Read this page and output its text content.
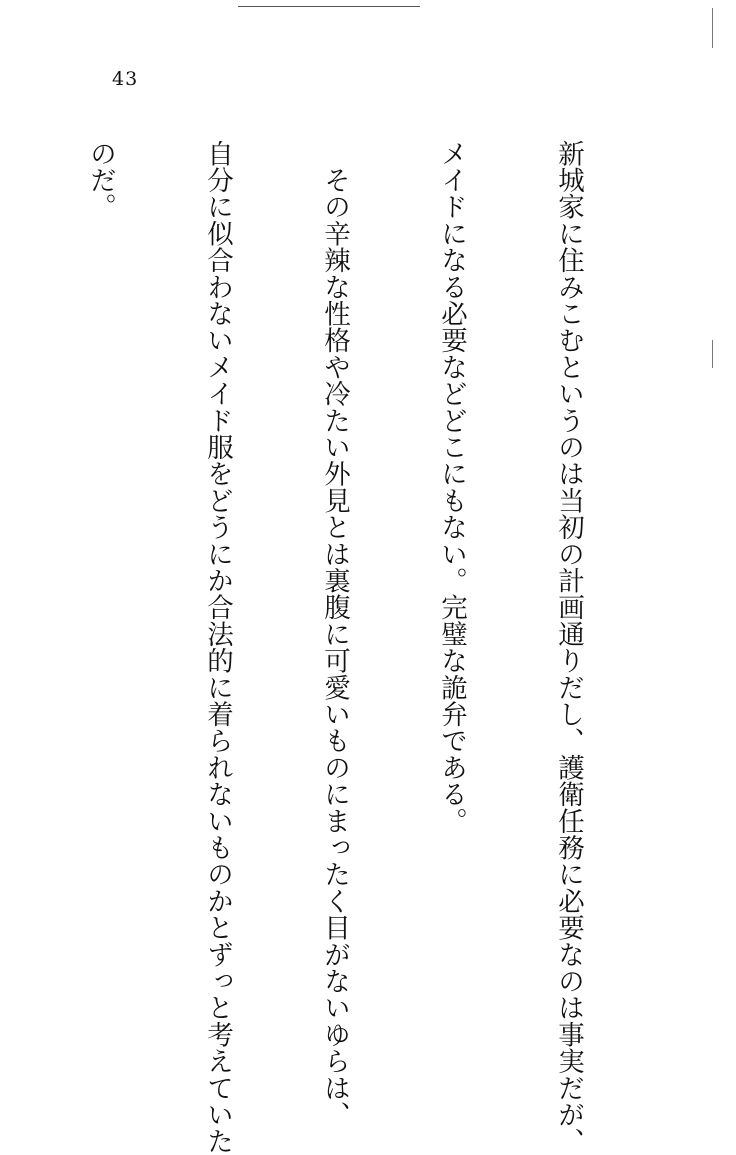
43

新城家に住みこむというのは当初の計画通りだし、護衛任務に必要なのは事実だが、

メイドになる必要などどこにもない。完璧な詭弁である。

　その辛辣な性格や冷たい外見とは裏腹に可愛いものにまったく目がないゆらは、

自分に似合わないメイド服をどうにか合法的に着られないものかとずっと考えていた

のだ。
